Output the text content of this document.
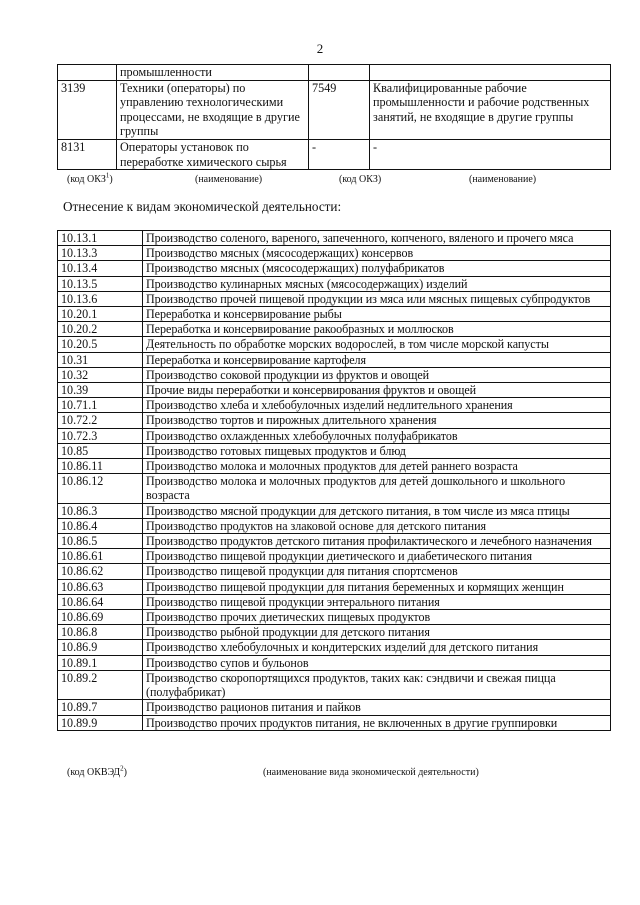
2
	промышленности		
3139	Техники (операторы) по управлению технологическими процессами, не входящие в другие группы	7549	Квалифицированные рабочие промышленности и рабочие родственных занятий, не входящие в другие группы
8131	Операторы установок по переработке химического сырья	-	-
(код ОКЗ$^1$)	(наименование)	(код ОКЗ)	(наименование)
Отнесение к видам экономической деятельности:
10.13.1	Производство соленого, вареного, запеченного, копченого, вяленого и прочего мяса
10.13.3	Производство мясных (мясосодержащих) консервов
10.13.4	Производство мясных (мясосодержащих) полуфабрикатов
10.13.5	Производство кулинарных мясных (мясосодержащих) изделий
10.13.6	Производство прочей пищевой продукции из мяса или мясных пищевых субпродуктов
10.20.1	Переработка и консервирование рыбы
10.20.2	Переработка и консервирование ракообразных и моллюсков
10.20.5	Деятельность по обработке морских водорослей, в том числе морской капусты
10.31	Переработка и консервирование картофеля
10.32	Производство соковой продукции из фруктов и овощей
10.39	Прочие виды переработки и консервирования фруктов и овощей
10.71.1	Производство хлеба и хлебобулочных изделий недлительного хранения
10.72.2	Производство тортов и пирожных длительного хранения
10.72.3	Производство охлажденных хлебобулочных полуфабрикатов
10.85	Производство готовых пищевых продуктов и блюд
10.86.11	Производство молока и молочных продуктов для детей раннего возраста
10.86.12	Производство молока и молочных продуктов для детей дошкольного и школьного возраста
10.86.3	Производство мясной продукции для детского питания, в том числе из мяса птицы
10.86.4	Производство продуктов на злаковой основе для детского питания
10.86.5	Производство продуктов детского питания профилактического и лечебного назначения
10.86.61	Производство пищевой продукции диетического и диабетического питания
10.86.62	Производство пищевой продукции для питания спортсменов
10.86.63	Производство пищевой продукции для питания беременных и кормящих женщин
10.86.64	Производство пищевой продукции энтерального питания
10.86.69	Производство прочих диетических пищевых продуктов
10.86.8	Производство рыбной продукции для детского питания
10.86.9	Производство хлебобулочных и кондитерских изделий для детского питания
10.89.1	Производство супов и бульонов
10.89.2	Производство скоропортящихся продуктов, таких как: сэндвичи и свежая пицца (полуфабрикат)
10.89.7	Производство рационов питания и пайков
10.89.9	Производство прочих продуктов питания, не включенных в другие группировки
(код ОКВЭД$^2$)	(наименование вида экономической деятельности)
